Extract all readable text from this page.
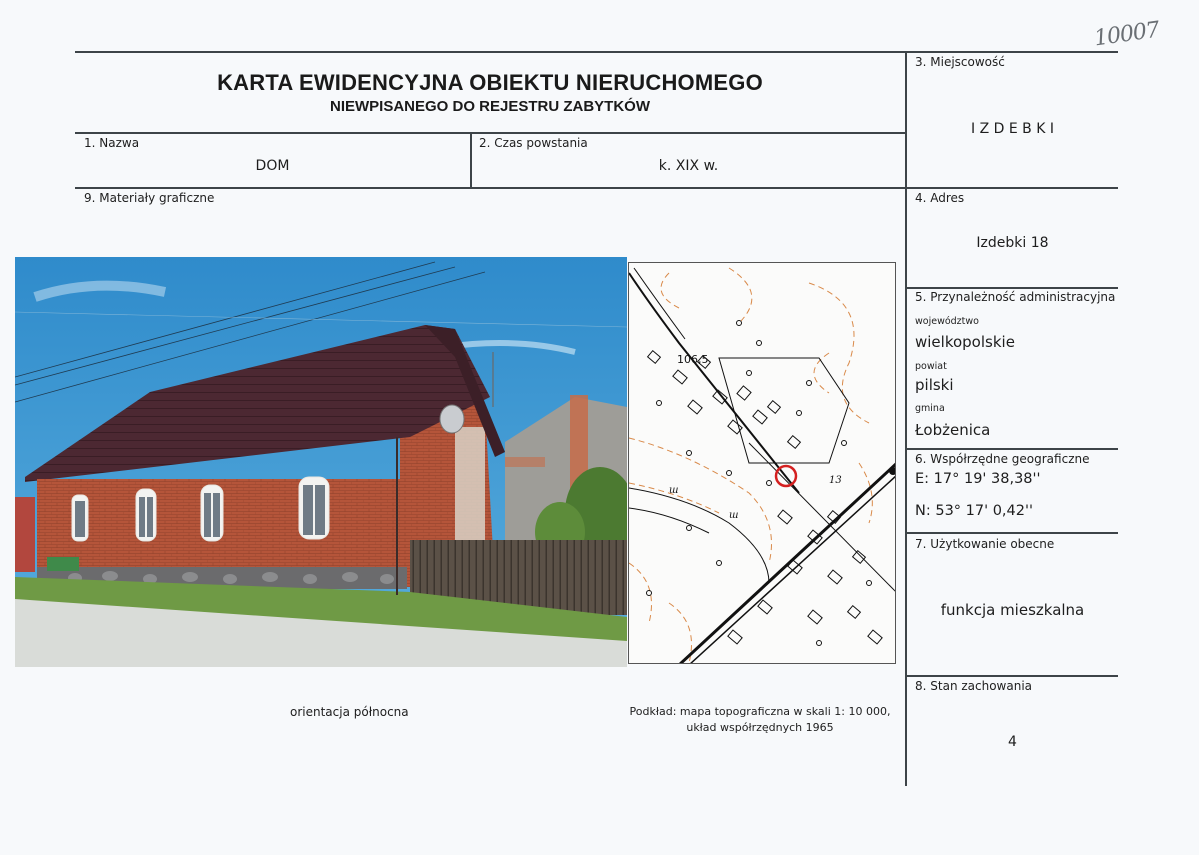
10007
KARTA EWIDENCYJNA OBIEKTU NIERUCHOMEGO
NIEWPISANEGO DO REJESTRU ZABYTKÓW
1. Nazwa
DOM
2. Czas powstania
k. XIX w.
3. Miejscowość
I Z D E B K I
4. Adres
Izdebki 18
5. Przynależność administracyjna
województwo
wielkopolskie
powiat
pilski
gmina
Łobżenica
6. Współrzędne geograficzne
E: 17° 19' 38,38''
N: 53° 17' 0,42''
7. Użytkowanie obecne
funkcja mieszkalna
8. Stan zachowania
4
9. Materiały graficzne
106,5
13
ш
ш
orientacja północna	Podkład: mapa topograficzna w skali 1: 10 000,
układ współrzędnych 1965
